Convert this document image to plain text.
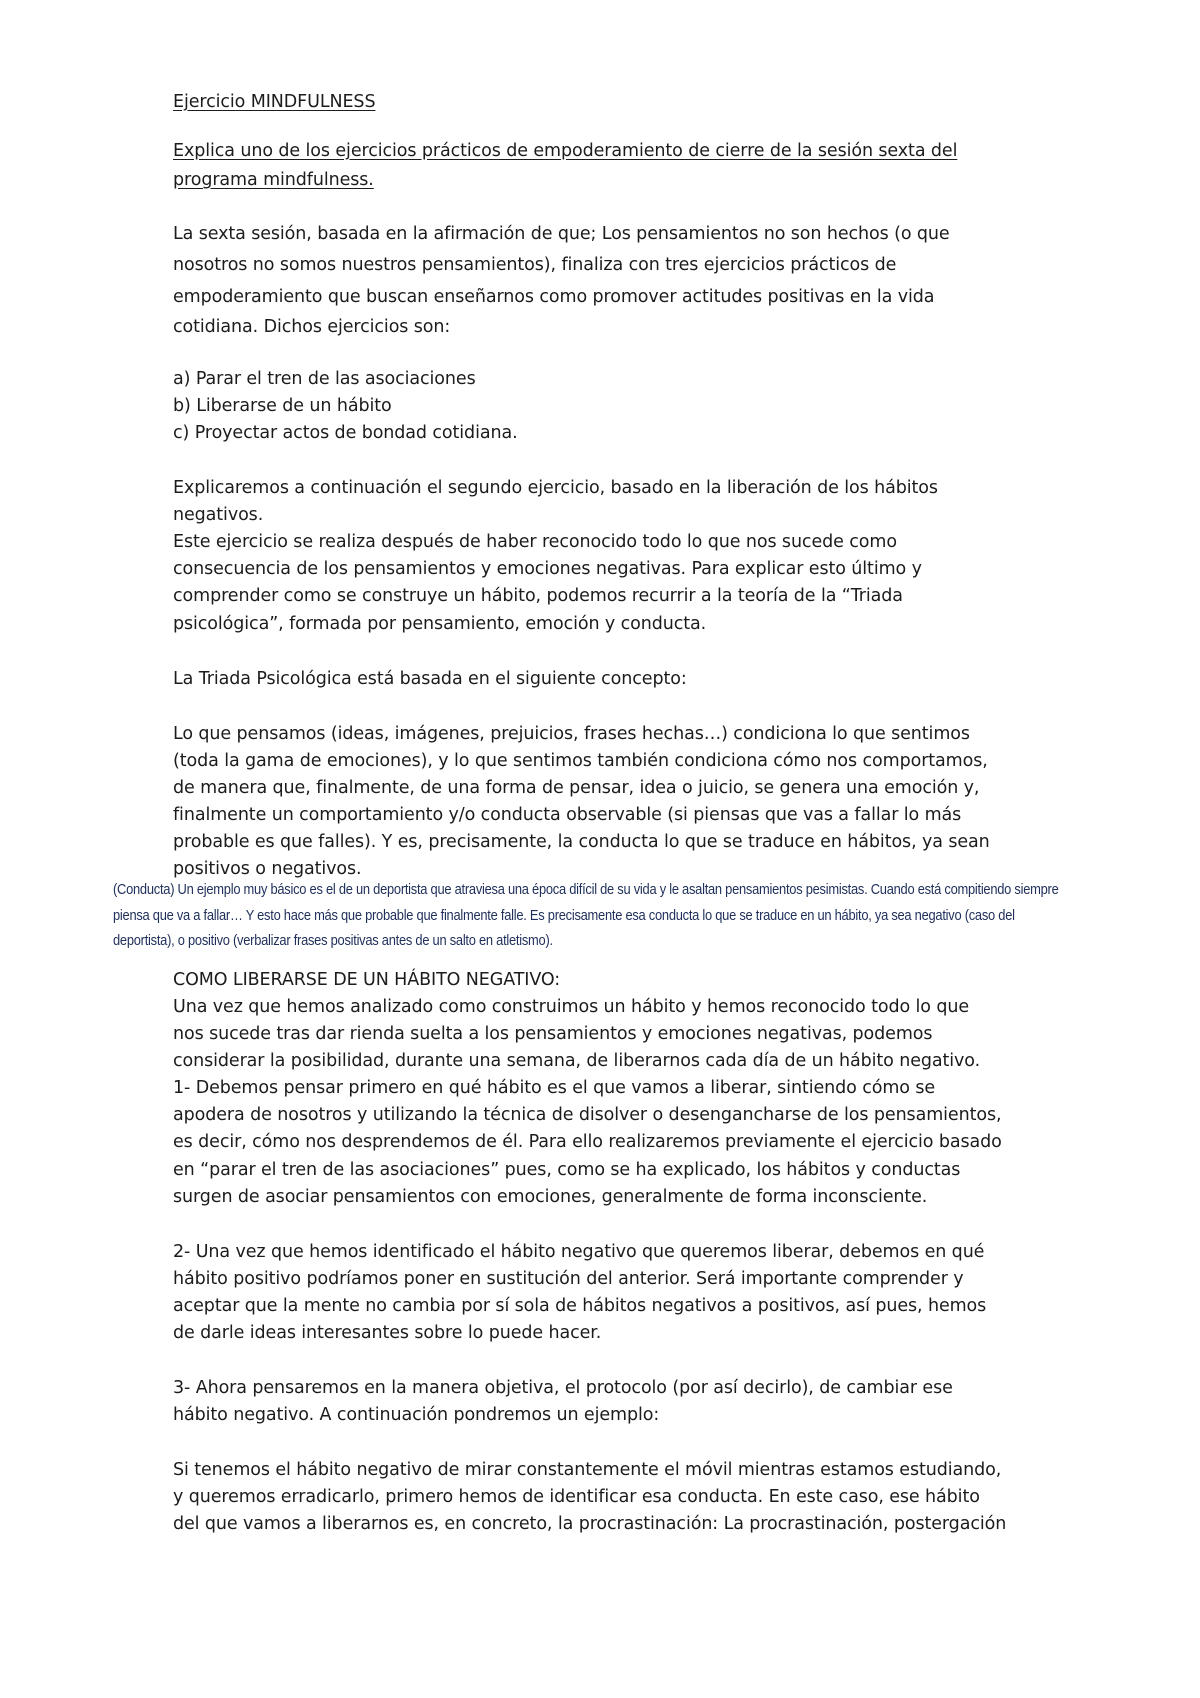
Ejercicio MINDFULNESS
Explica uno de los ejercicios prácticos de empoderamiento de cierre de la sesión sexta del
programa mindfulness.
La sexta sesión, basada en la afirmación de que; Los pensamientos no son hechos (o que
nosotros no somos nuestros pensamientos), finaliza con tres ejercicios prácticos de
empoderamiento que buscan enseñarnos como promover actitudes positivas en la vida
cotidiana. Dichos ejercicios son:
a) Parar el tren de las asociaciones
b) Liberarse de un hábito
c) Proyectar actos de bondad cotidiana.
Explicaremos a continuación el segundo ejercicio, basado en la liberación de los hábitos
negativos.
Este ejercicio se realiza después de haber reconocido todo lo que nos sucede como
consecuencia de los pensamientos y emociones negativas. Para explicar esto último y
comprender como se construye un hábito, podemos recurrir a la teoría de la “Triada
psicológica”, formada por pensamiento, emoción y conducta.
La Triada Psicológica está basada en el siguiente concepto:
Lo que pensamos (ideas, imágenes, prejuicios, frases hechas…) condiciona lo que sentimos
(toda la gama de emociones), y lo que sentimos también condiciona cómo nos comportamos,
de manera que, finalmente, de una forma de pensar, idea o juicio, se genera una emoción y,
finalmente un comportamiento y/o conducta observable (si piensas que vas a fallar lo más
probable es que falles). Y es, precisamente, la conducta lo que se traduce en hábitos, ya sean
positivos o negativos.
(Conducta) Un ejemplo muy básico es el de un deportista que atraviesa una época difícil de su vida y le asaltan pensamientos pesimistas. Cuando está compitiendo siempre
piensa que va a fallar… Y esto hace más que probable que finalmente falle. Es precisamente esa conducta lo que se traduce en un hábito, ya sea negativo (caso del
deportista), o positivo (verbalizar frases positivas antes de un salto en atletismo).
COMO LIBERARSE DE UN HÁBITO NEGATIVO:
Una vez que hemos analizado como construimos un hábito y hemos reconocido todo lo que
nos sucede tras dar rienda suelta a los pensamientos y emociones negativas, podemos
considerar la posibilidad, durante una semana, de liberarnos cada día de un hábito negativo.
1- Debemos pensar primero en qué hábito es el que vamos a liberar, sintiendo cómo se
apodera de nosotros y utilizando la técnica de disolver o desengancharse de los pensamientos,
es decir, cómo nos desprendemos de él. Para ello realizaremos previamente el ejercicio basado
en “parar el tren de las asociaciones” pues, como se ha explicado, los hábitos y conductas
surgen de asociar pensamientos con emociones, generalmente de forma inconsciente.
2- Una vez que hemos identificado el hábito negativo que queremos liberar, debemos en qué
hábito positivo podríamos poner en sustitución del anterior. Será importante comprender y
aceptar que la mente no cambia por sí sola de hábitos negativos a positivos, así pues, hemos
de darle ideas interesantes sobre lo puede hacer.
3- Ahora pensaremos en la manera objetiva, el protocolo (por así decirlo), de cambiar ese
hábito negativo. A continuación pondremos un ejemplo:
Si tenemos el hábito negativo de mirar constantemente el móvil mientras estamos estudiando,
y queremos erradicarlo, primero hemos de identificar esa conducta. En este caso, ese hábito
del que vamos a liberarnos es, en concreto, la procrastinación: La procrastinación, postergación
